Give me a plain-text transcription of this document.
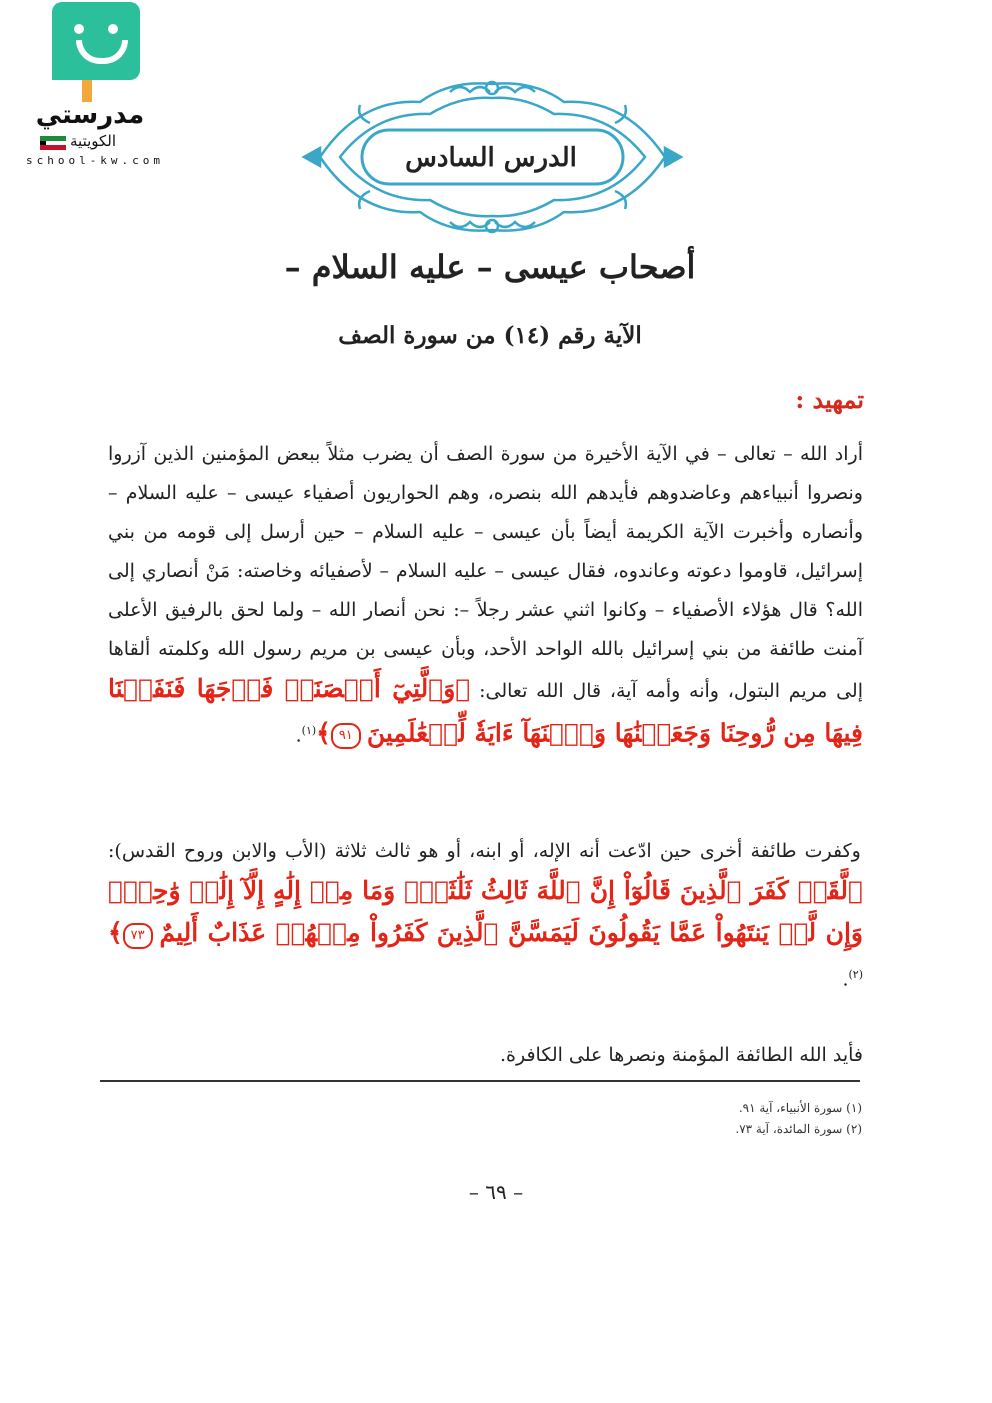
مدرستي
الكويتية
school-kw.com	الدرس السادس
أصحاب عيسى – عليه السلام –
الآية رقم (١٤) من سورة الصف
تمهيد :
أراد الله – تعالى – في الآية الأخيرة من سورة الصف أن يضرب مثلاً ببعض المؤمنين الذين آزروا ونصروا أنبياءهم وعاضدوهم فأيدهم الله بنصره، وهم الحواريون أصفياء عيسى – عليه السلام – وأنصاره وأخبرت الآية الكريمة أيضاً بأن عيسى – عليه السلام – حين أرسل إلى قومه من بني إسرائيل، قاوموا دعوته وعاندوه، فقال عيسى – عليه السلام – لأصفيائه وخاصته: مَنْ أنصاري إلى الله؟ قال هؤلاء الأصفياء – وكانوا اثني عشر رجلاً –: نحن أنصار الله – ولما لحق بالرفيق الأعلى آمنت طائفة من بني إسرائيل بالله الواحد الأحد، وبأن عيسى بن مريم رسول الله وكلمته ألقاها إلى مريم البتول، وأنه وأمه آية، قال الله تعالى: ﴿وَٱلَّتِيٓ أَحۡصَنَتۡ فَرۡجَهَا فَنَفَخۡنَا فِيهَا مِن رُّوحِنَا وَجَعَلۡنَٰهَا وَٱبۡنَهَآ ءَايَةٗ لِّلۡعَٰلَمِينَ ٩١﴾$^{(١)}$.
وكفرت طائفة أخرى حين ادّعت أنه الإله، أو ابنه، أو هو ثالث ثلاثة (الأب والابن وروح القدس): ﴿لَّقَدۡ كَفَرَ ٱلَّذِينَ قَالُوٓاْ إِنَّ ٱللَّهَ ثَالِثُ ثَلَٰثَةٖۘ وَمَا مِنۡ إِلَٰهٍ إِلَّآ إِلَٰهٞ وَٰحِدٞۚ وَإِن لَّمۡ يَنتَهُواْ عَمَّا يَقُولُونَ لَيَمَسَّنَّ ٱلَّذِينَ كَفَرُواْ مِنۡهُمۡ عَذَابٌ أَلِيمٌ ٧٣﴾$^{(٢)}$.
فأيد الله الطائفة المؤمنة ونصرها على الكافرة.
(١) سورة الأنبياء، آية ٩١.
(٢) سورة المائدة، آية ٧٣.
– ٦٩ –
